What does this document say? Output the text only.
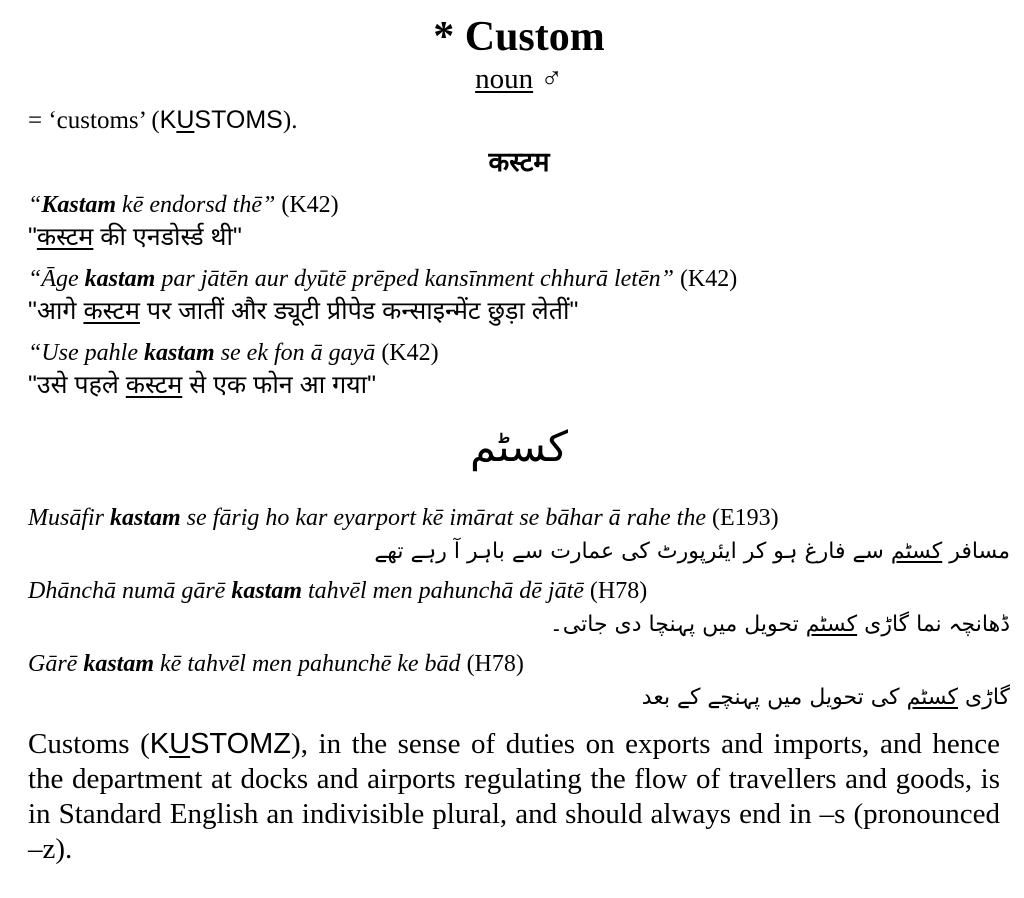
* Custom
noun ♂
= ‘customs’ (KUSTOMS).
कस्टम
“Kastam kē endorsd thē” (K42)
"कस्टम की एनडोर्स्ड थी"
“Āge kastam par jātēn aur dyūtē prēped kansīnment chhurā letēn” (K42)
"आगे कस्टम पर जातीं और ड्यूटी प्रीपेड कन्साइन्मेंट छुड़ा लेतीं"
“Use pahle kastam se ek fon ā gayā (K42)
"उसे पहले कस्टम से एक फोन आ गया"
کسٹم
Musāfir kastam se fārig ho kar eyarport kē imārat se bāhar ā rahe the (E193)
مسافر کسٹم سے فارغ ہو کر ایئرپورٹ کی عمارت سے باہر آ رہے تھے
Dhānchā numā gārē kastam tahvēl men pahunchā dē jātē (H78)
ڈھانچہ نما گاڑی کسٹم تحویل میں پہنچا دی جاتی۔
Gārē kastam kē tahvēl men pahunchē ke bād (H78)
گاڑی کسٹم کی تحویل میں پہنچے کے بعد
Customs (KUSTOMZ), in the sense of duties on exports and imports, and hence the department at docks and airports regulating the flow of travellers and goods, is in Standard English an indivisible plural, and should always end in –s (pronounced –z).
